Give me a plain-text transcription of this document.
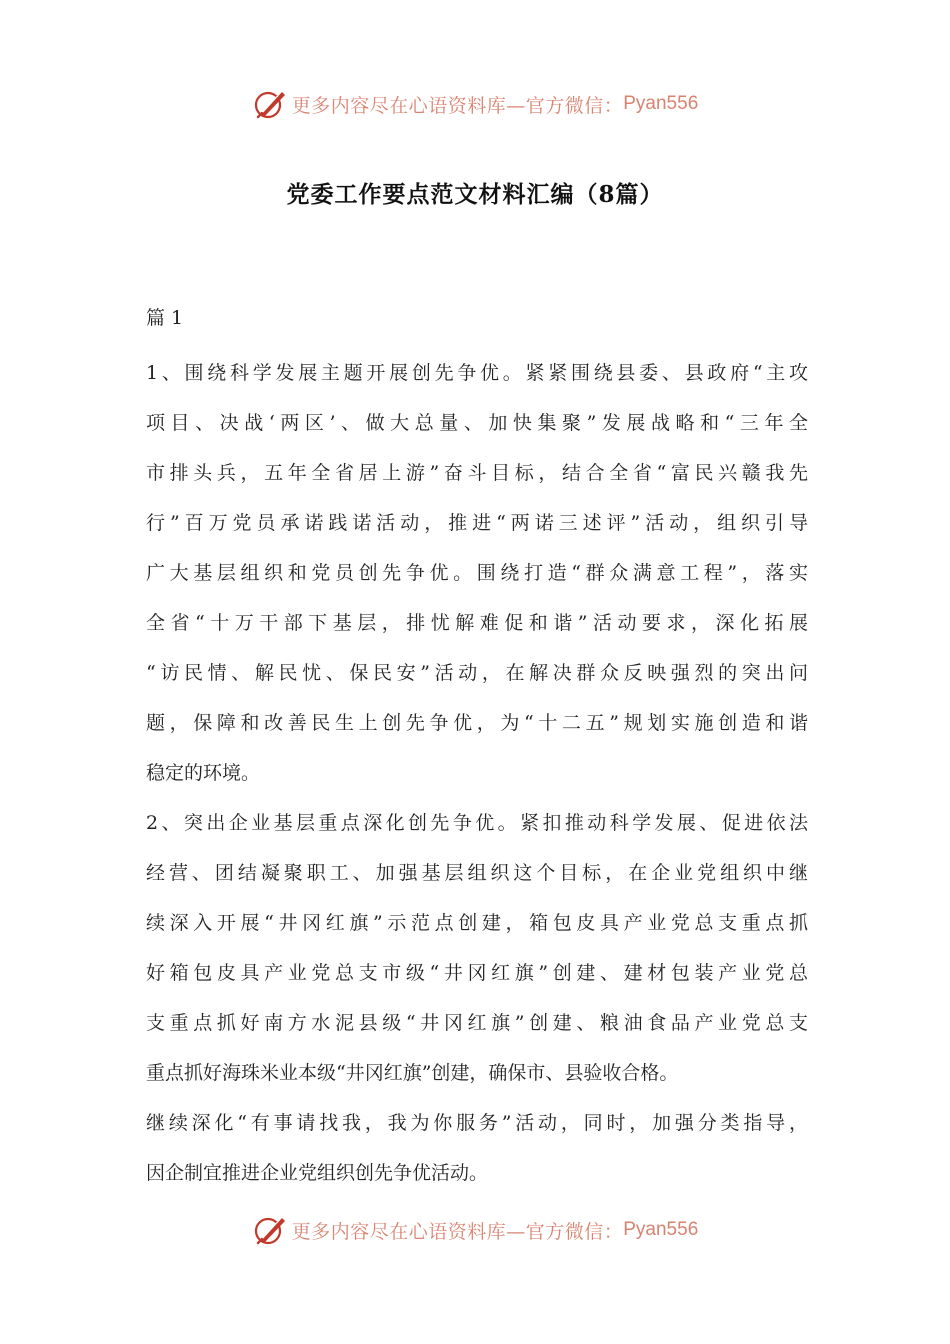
更多内容尽在心语资料库—官方微信： Pyan556
党委工作要点范文材料汇编（8篇）
篇 1
1、围绕科学发展主题开展创先争优。紧紧围绕县委、县政府“主攻
项目、决战‘两区’、做大总量、加快集聚”发展战略和“三年全
市排头兵，五年全省居上游”奋斗目标，结合全省“富民兴赣我先
行”百万党员承诺践诺活动，推进“两诺三述评”活动，组织引导
广大基层组织和党员创先争优。围绕打造“群众满意工程”，落实
全省“十万干部下基层，排忧解难促和谐”活动要求，深化拓展
“访民情、解民忧、保民安”活动，在解决群众反映强烈的突出问
题，保障和改善民生上创先争优，为“十二五”规划实施创造和谐
稳定的环境。
2、突出企业基层重点深化创先争优。紧扣推动科学发展、促进依法
经营、团结凝聚职工、加强基层组织这个目标，在企业党组织中继
续深入开展“井冈红旗”示范点创建，箱包皮具产业党总支重点抓
好箱包皮具产业党总支市级“井冈红旗”创建、建材包装产业党总
支重点抓好南方水泥县级“井冈红旗”创建、粮油食品产业党总支
重点抓好海珠米业本级“井冈红旗”创建，确保市、县验收合格。
继续深化“有事请找我，我为你服务”活动，同时，加强分类指导，
因企制宜推进企业党组织创先争优活动。
更多内容尽在心语资料库—官方微信： Pyan556
